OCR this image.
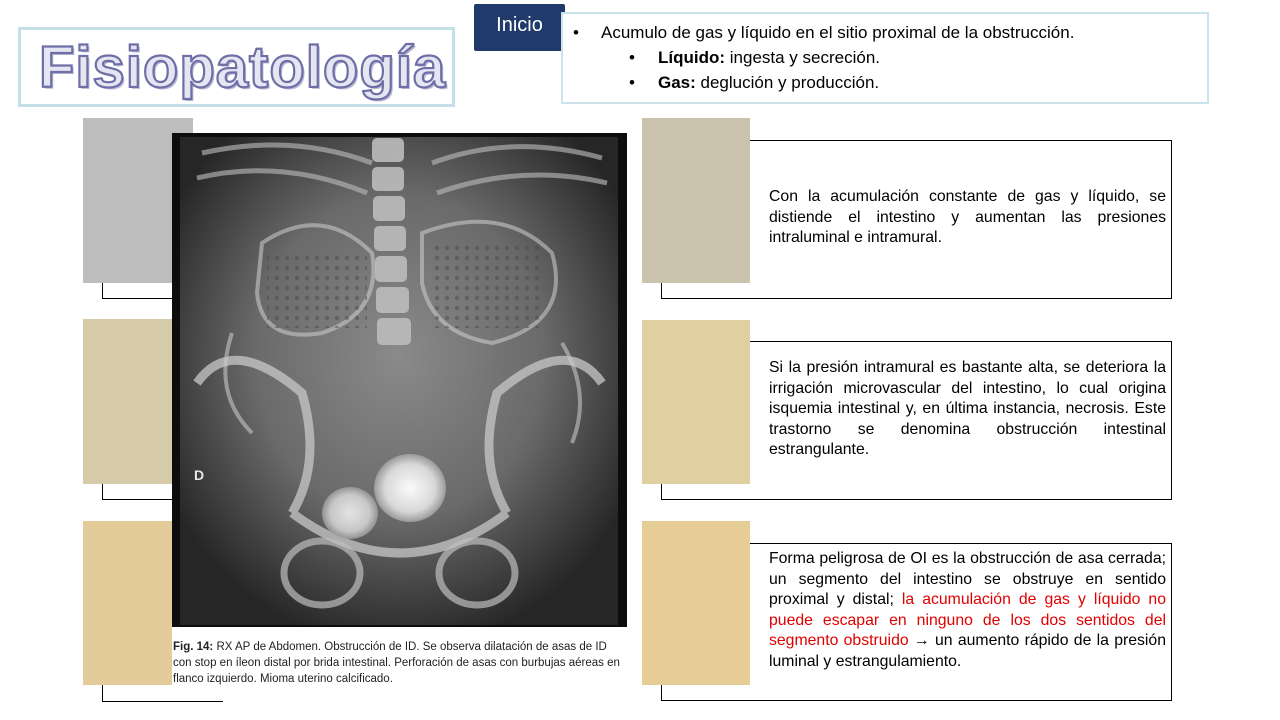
Fisiopatología
Inicio
•	Acumulo de gas y líquido en el sitio proximal de la obstrucción.
• Líquido: ingesta y secreción.
• Gas: deglución y producción.
D
Fig. 14: RX AP de Abdomen. Obstrucción de ID. Se observa dilatación de asas de ID con stop en íleon distal por brida intestinal. Perforación de asas con burbujas aéreas en flanco izquierdo. Mioma uterino calcificado.
Con la acumulación constante de gas y líquido, se distiende el intestino y aumentan las presiones intraluminal e intramural.
Si la presión intramural es bastante alta, se deteriora la irrigación microvascular del intestino, lo cual origina isquemia intestinal y, en última instancia, necrosis. Este trastorno se denomina obstrucción intestinal estrangulante.
Forma peligrosa de OI es la obstrucción de asa cerrada; un segmento del intestino se obstruye en sentido proximal y distal; la acumulación de gas y líquido no puede escapar en ninguno de los dos sentidos del segmento obstruido → un aumento rápido de la presión luminal y estrangulamiento.
